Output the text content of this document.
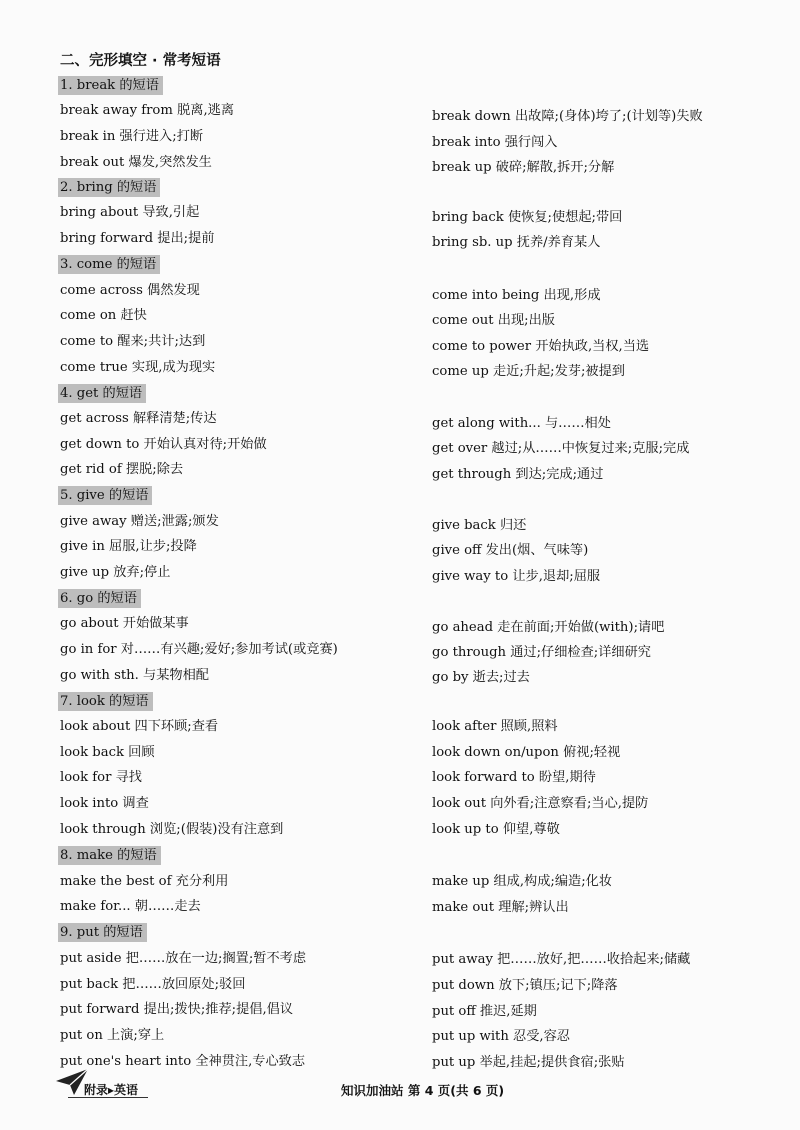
二、完形填空 · 常考短语
1. break 的短语
break away from 脱离,逃离
break in 强行进入;打断
break out 爆发,突然发生
break down 出故障;(身体)垮了;(计划等)失败
break into 强行闯入
break up 破碎;解散,拆开;分解
2. bring 的短语
bring about 导致,引起
bring forward 提出;提前
bring back 使恢复;使想起;带回
bring sb. up 抚养/养育某人
3. come 的短语
come across 偶然发现
come on 赶快
come to 醒来;共计;达到
come true 实现,成为现实
come into being 出现,形成
come out 出现;出版
come to power 开始执政,当权,当选
come up 走近;升起;发芽;被提到
4. get 的短语
get across 解释清楚;传达
get down to 开始认真对待;开始做
get rid of 摆脱;除去
get along with... 与……相处
get over 越过;从……中恢复过来;克服;完成
get through 到达;完成;通过
5. give 的短语
give away 赠送;泄露;颁发
give in 屈服,让步;投降
give up 放弃;停止
give back 归还
give off 发出(烟、气味等)
give way to 让步,退却;屈服
6. go 的短语
go about 开始做某事
go in for 对……有兴趣;爱好;参加考试(或竞赛)
go with sth. 与某物相配
go ahead 走在前面;开始做(with);请吧
go through 通过;仔细检查;详细研究
go by 逝去;过去
7. look 的短语
look about 四下环顾;查看
look back 回顾
look for 寻找
look into 调查
look through 浏览;(假装)没有注意到
look after 照顾,照料
look down on/upon 俯视;轻视
look forward to 盼望,期待
look out 向外看;注意察看;当心,提防
look up to 仰望,尊敬
8. make 的短语
make the best of 充分利用
make for... 朝……走去
make up 组成,构成;编造;化妆
make out 理解;辨认出
9. put 的短语
put aside 把……放在一边;搁置;暂不考虑
put back 把……放回原处;驳回
put forward 提出;拨快;推荐;提倡,倡议
put on 上演;穿上
put one's heart into 全神贯注,专心致志
put away 把……放好,把……收拾起来;储藏
put down 放下;镇压;记下;降落
put off 推迟,延期
put up with 忍受,容忍
put up 举起,挂起;提供食宿;张贴
附录▸英语	知识加油站 第 4 页(共 6 页)
